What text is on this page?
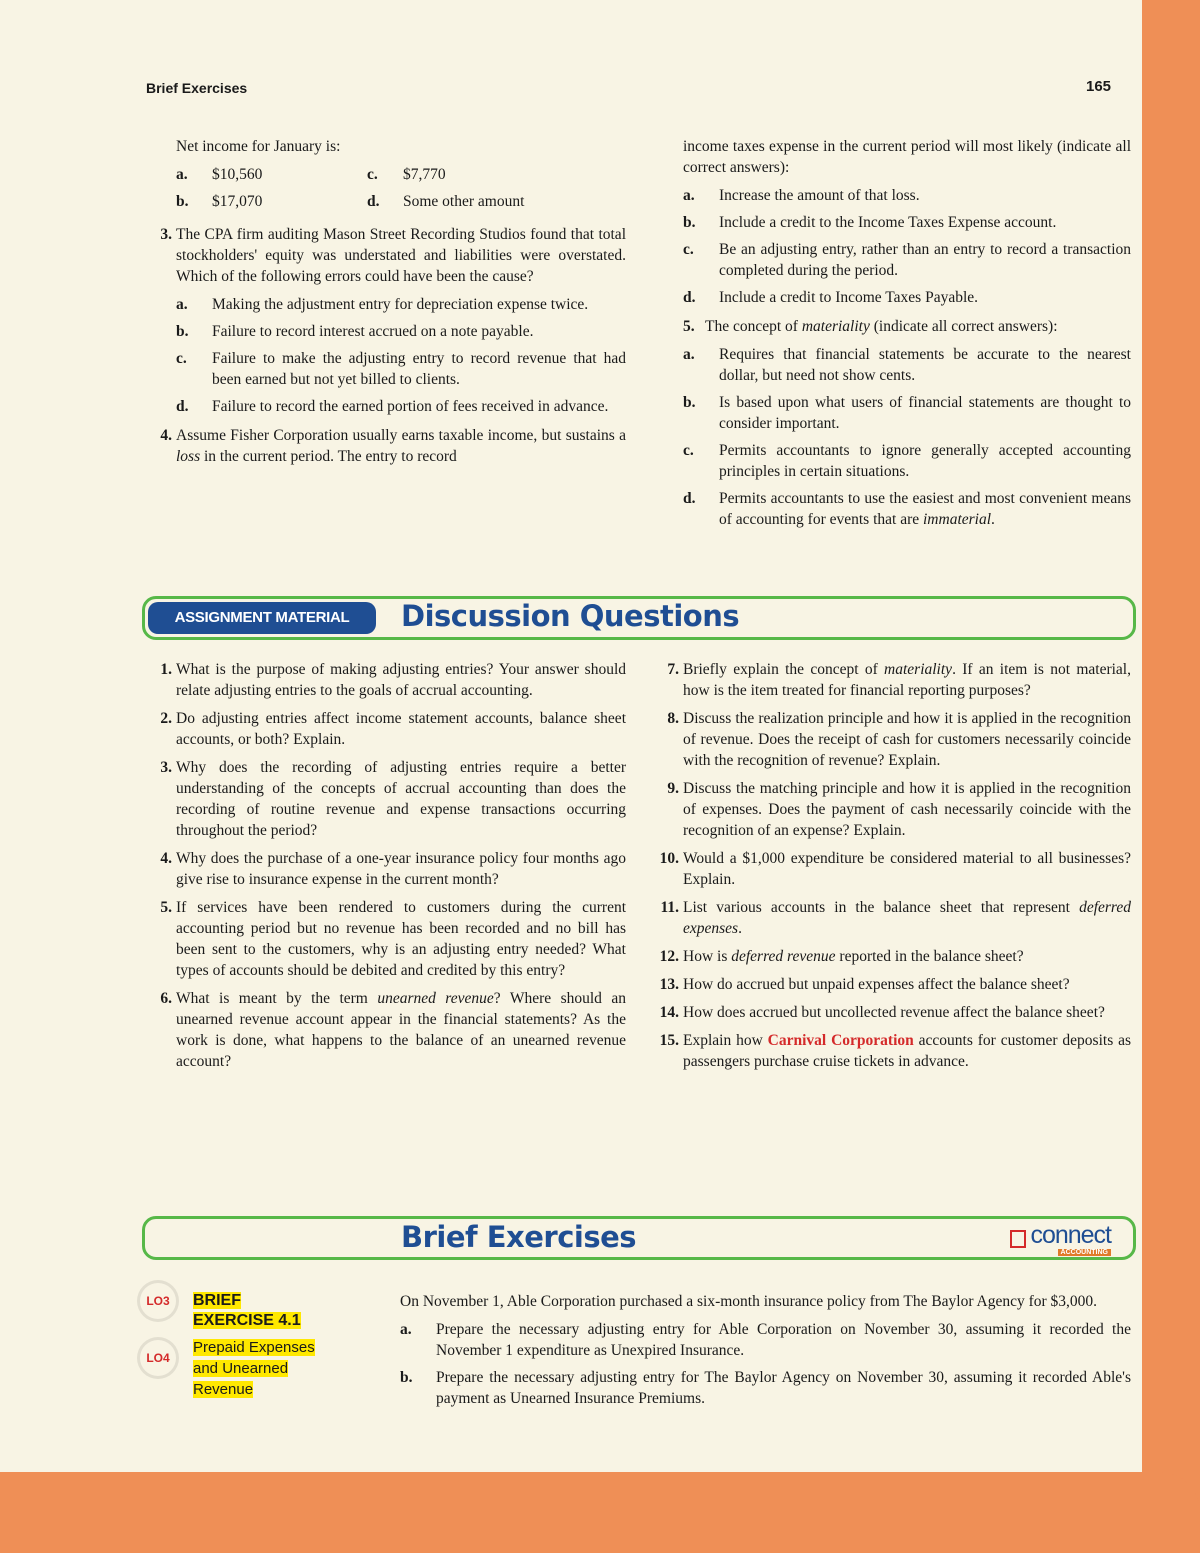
Brief Exercises	165

Net income for January is:

a. $10,560	c. $7,770
b. $17,070	d. Some other amount
3. The CPA firm auditing Mason Street Recording Studios found that total stockholders' equity was understated and liabilities were overstated. Which of the following errors could have been the cause?
a. Making the adjustment entry for depreciation expense twice.
b. Failure to record interest accrued on a note payable.
c. Failure to make the adjusting entry to record revenue that had been earned but not yet billed to clients.
d. Failure to record the earned portion of fees received in advance.
4. Assume Fisher Corporation usually earns taxable income, but sustains a loss in the current period. The entry to record

income taxes expense in the current period will most likely (indicate all correct answers):

a. Increase the amount of that loss.
b. Include a credit to the Income Taxes Expense account.
c. Be an adjusting entry, rather than an entry to record a transaction completed during the period.
d. Include a credit to Income Taxes Payable.
5. The concept of materiality (indicate all correct answers):
a. Requires that financial statements be accurate to the nearest dollar, but need not show cents.
b. Is based upon what users of financial statements are thought to consider important.
c. Permits accountants to ignore generally accepted accounting principles in certain situations.
d. Permits accountants to use the easiest and most convenient means of accounting for events that are immaterial.
ASSIGNMENT MATERIAL	Discussion Questions
1. What is the purpose of making adjusting entries? Your answer should relate adjusting entries to the goals of accrual accounting.
2. Do adjusting entries affect income statement accounts, balance sheet accounts, or both? Explain.
3. Why does the recording of adjusting entries require a better understanding of the concepts of accrual accounting than does the recording of routine revenue and expense transactions occurring throughout the period?
4. Why does the purchase of a one-year insurance policy four months ago give rise to insurance expense in the current month?
5. If services have been rendered to customers during the current accounting period but no revenue has been recorded and no bill has been sent to the customers, why is an adjusting entry needed? What types of accounts should be debited and credited by this entry?
6. What is meant by the term unearned revenue? Where should an unearned revenue account appear in the financial statements? As the work is done, what happens to the balance of an unearned revenue account?
7. Briefly explain the concept of materiality. If an item is not material, how is the item treated for financial reporting purposes?
8. Discuss the realization principle and how it is applied in the recognition of revenue. Does the receipt of cash for customers necessarily coincide with the recognition of revenue? Explain.
9. Discuss the matching principle and how it is applied in the recognition of expenses. Does the payment of cash necessarily coincide with the recognition of an expense? Explain.
10. Would a $1,000 expenditure be considered material to all businesses? Explain.
11. List various accounts in the balance sheet that represent deferred expenses.
12. How is deferred revenue reported in the balance sheet?
13. How do accrued but unpaid expenses affect the balance sheet?
14. How does accrued but uncollected revenue affect the balance sheet?
15. Explain how Carnival Corporation accounts for customer deposits as passengers purchase cruise tickets in advance.
Brief Exercises	connect
ACCOUNTING
LO3
LO4
BRIEF
EXERCISE 4.1
Prepaid Expenses
and Unearned
Revenue

On November 1, Able Corporation purchased a six-month insurance policy from The Baylor Agency for $3,000.

a. Prepare the necessary adjusting entry for Able Corporation on November 30, assuming it recorded the November 1 expenditure as Unexpired Insurance.
b. Prepare the necessary adjusting entry for The Baylor Agency on November 30, assuming it recorded Able's payment as Unearned Insurance Premiums.
